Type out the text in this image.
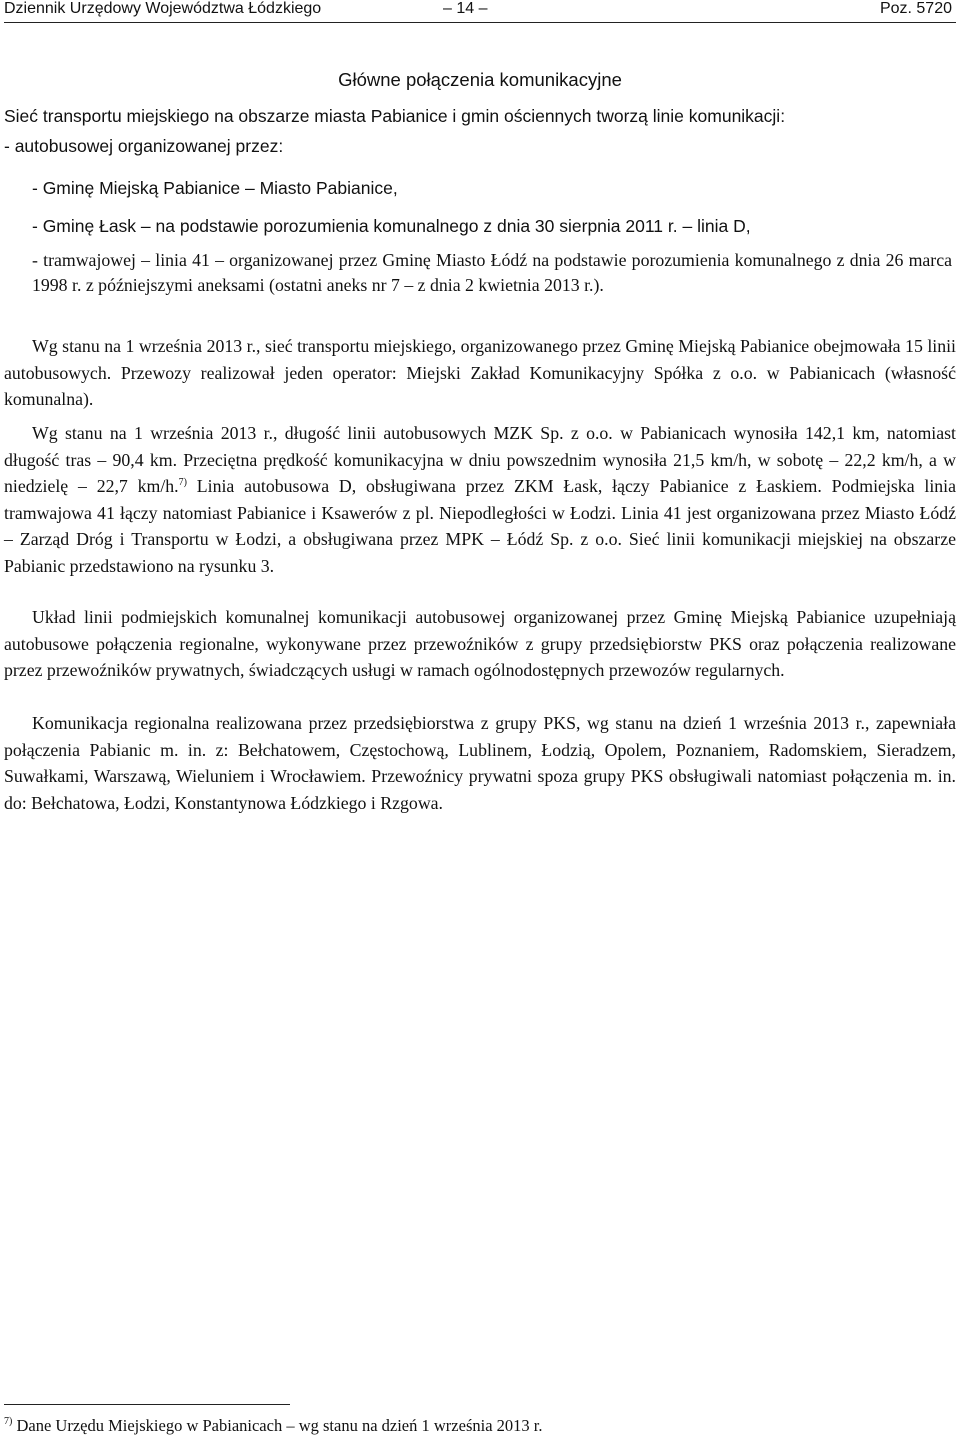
Dziennik Urzędowy Województwa Łódzkiego	– 14 –	Poz. 5720
Główne połączenia komunikacyjne
Sieć transportu miejskiego na obszarze miasta Pabianice i gmin ościennych tworzą linie komunikacji:
- autobusowej organizowanej przez:
- Gminę Miejską Pabianice – Miasto Pabianice,
- Gminę Łask – na podstawie porozumienia komunalnego z dnia 30 sierpnia 2011 r. – linia D,
- tramwajowej – linia 41 – organizowanej przez Gminę Miasto Łódź na podstawie porozumienia komunalnego z dnia 26 marca 1998 r. z późniejszymi aneksami (ostatni aneks nr 7 – z dnia 2 kwietnia 2013 r.).
Wg stanu na 1 września 2013 r., sieć transportu miejskiego, organizowanego przez Gminę Miejską Pabianice obejmowała 15 linii autobusowych. Przewozy realizował jeden operator: Miejski Zakład Komunikacyjny Spółka z o.o. w Pabianicach (własność komunalna).
Wg stanu na 1 września 2013 r., długość linii autobusowych MZK Sp. z o.o. w Pabianicach wynosiła 142,1 km, natomiast długość tras – 90,4 km. Przeciętna prędkość komunikacyjna w dniu powszednim wynosiła 21,5 km/h, w sobotę – 22,2 km/h, a w niedzielę – 22,7 km/h.$^{7)}$ Linia autobusowa D, obsługiwana przez ZKM Łask, łączy Pabianice z Łaskiem. Podmiejska linia tramwajowa 41 łączy natomiast Pabianice i Ksawerów z pl. Niepodległości w Łodzi. Linia 41 jest organizowana przez Miasto Łódź – Zarząd Dróg i Transportu w Łodzi, a obsługiwana przez MPK – Łódź Sp. z o.o. Sieć linii komunikacji miejskiej na obszarze Pabianic przedstawiono na rysunku 3.
Układ linii podmiejskich komunalnej komunikacji autobusowej organizowanej przez Gminę Miejską Pabianice uzupełniają autobusowe połączenia regionalne, wykonywane przez przewoźników z grupy przedsiębiorstw PKS oraz połączenia realizowane przez przewoźników prywatnych, świadczących usługi w ramach ogólnodostępnych przewozów regularnych.
Komunikacja regionalna realizowana przez przedsiębiorstwa z grupy PKS, wg stanu na dzień 1 września 2013 r., zapewniała połączenia Pabianic m. in. z: Bełchatowem, Częstochową, Lublinem, Łodzią, Opolem, Poznaniem, Radomskiem, Sieradzem, Suwałkami, Warszawą, Wieluniem i Wrocławiem. Przewoźnicy prywatni spoza grupy PKS obsługiwali natomiast połączenia m. in. do: Bełchatowa, Łodzi, Konstantynowa Łódzkiego i Rzgowa.
$^{7)}$ Dane Urzędu Miejskiego w Pabianicach – wg stanu na dzień 1 września 2013 r.
